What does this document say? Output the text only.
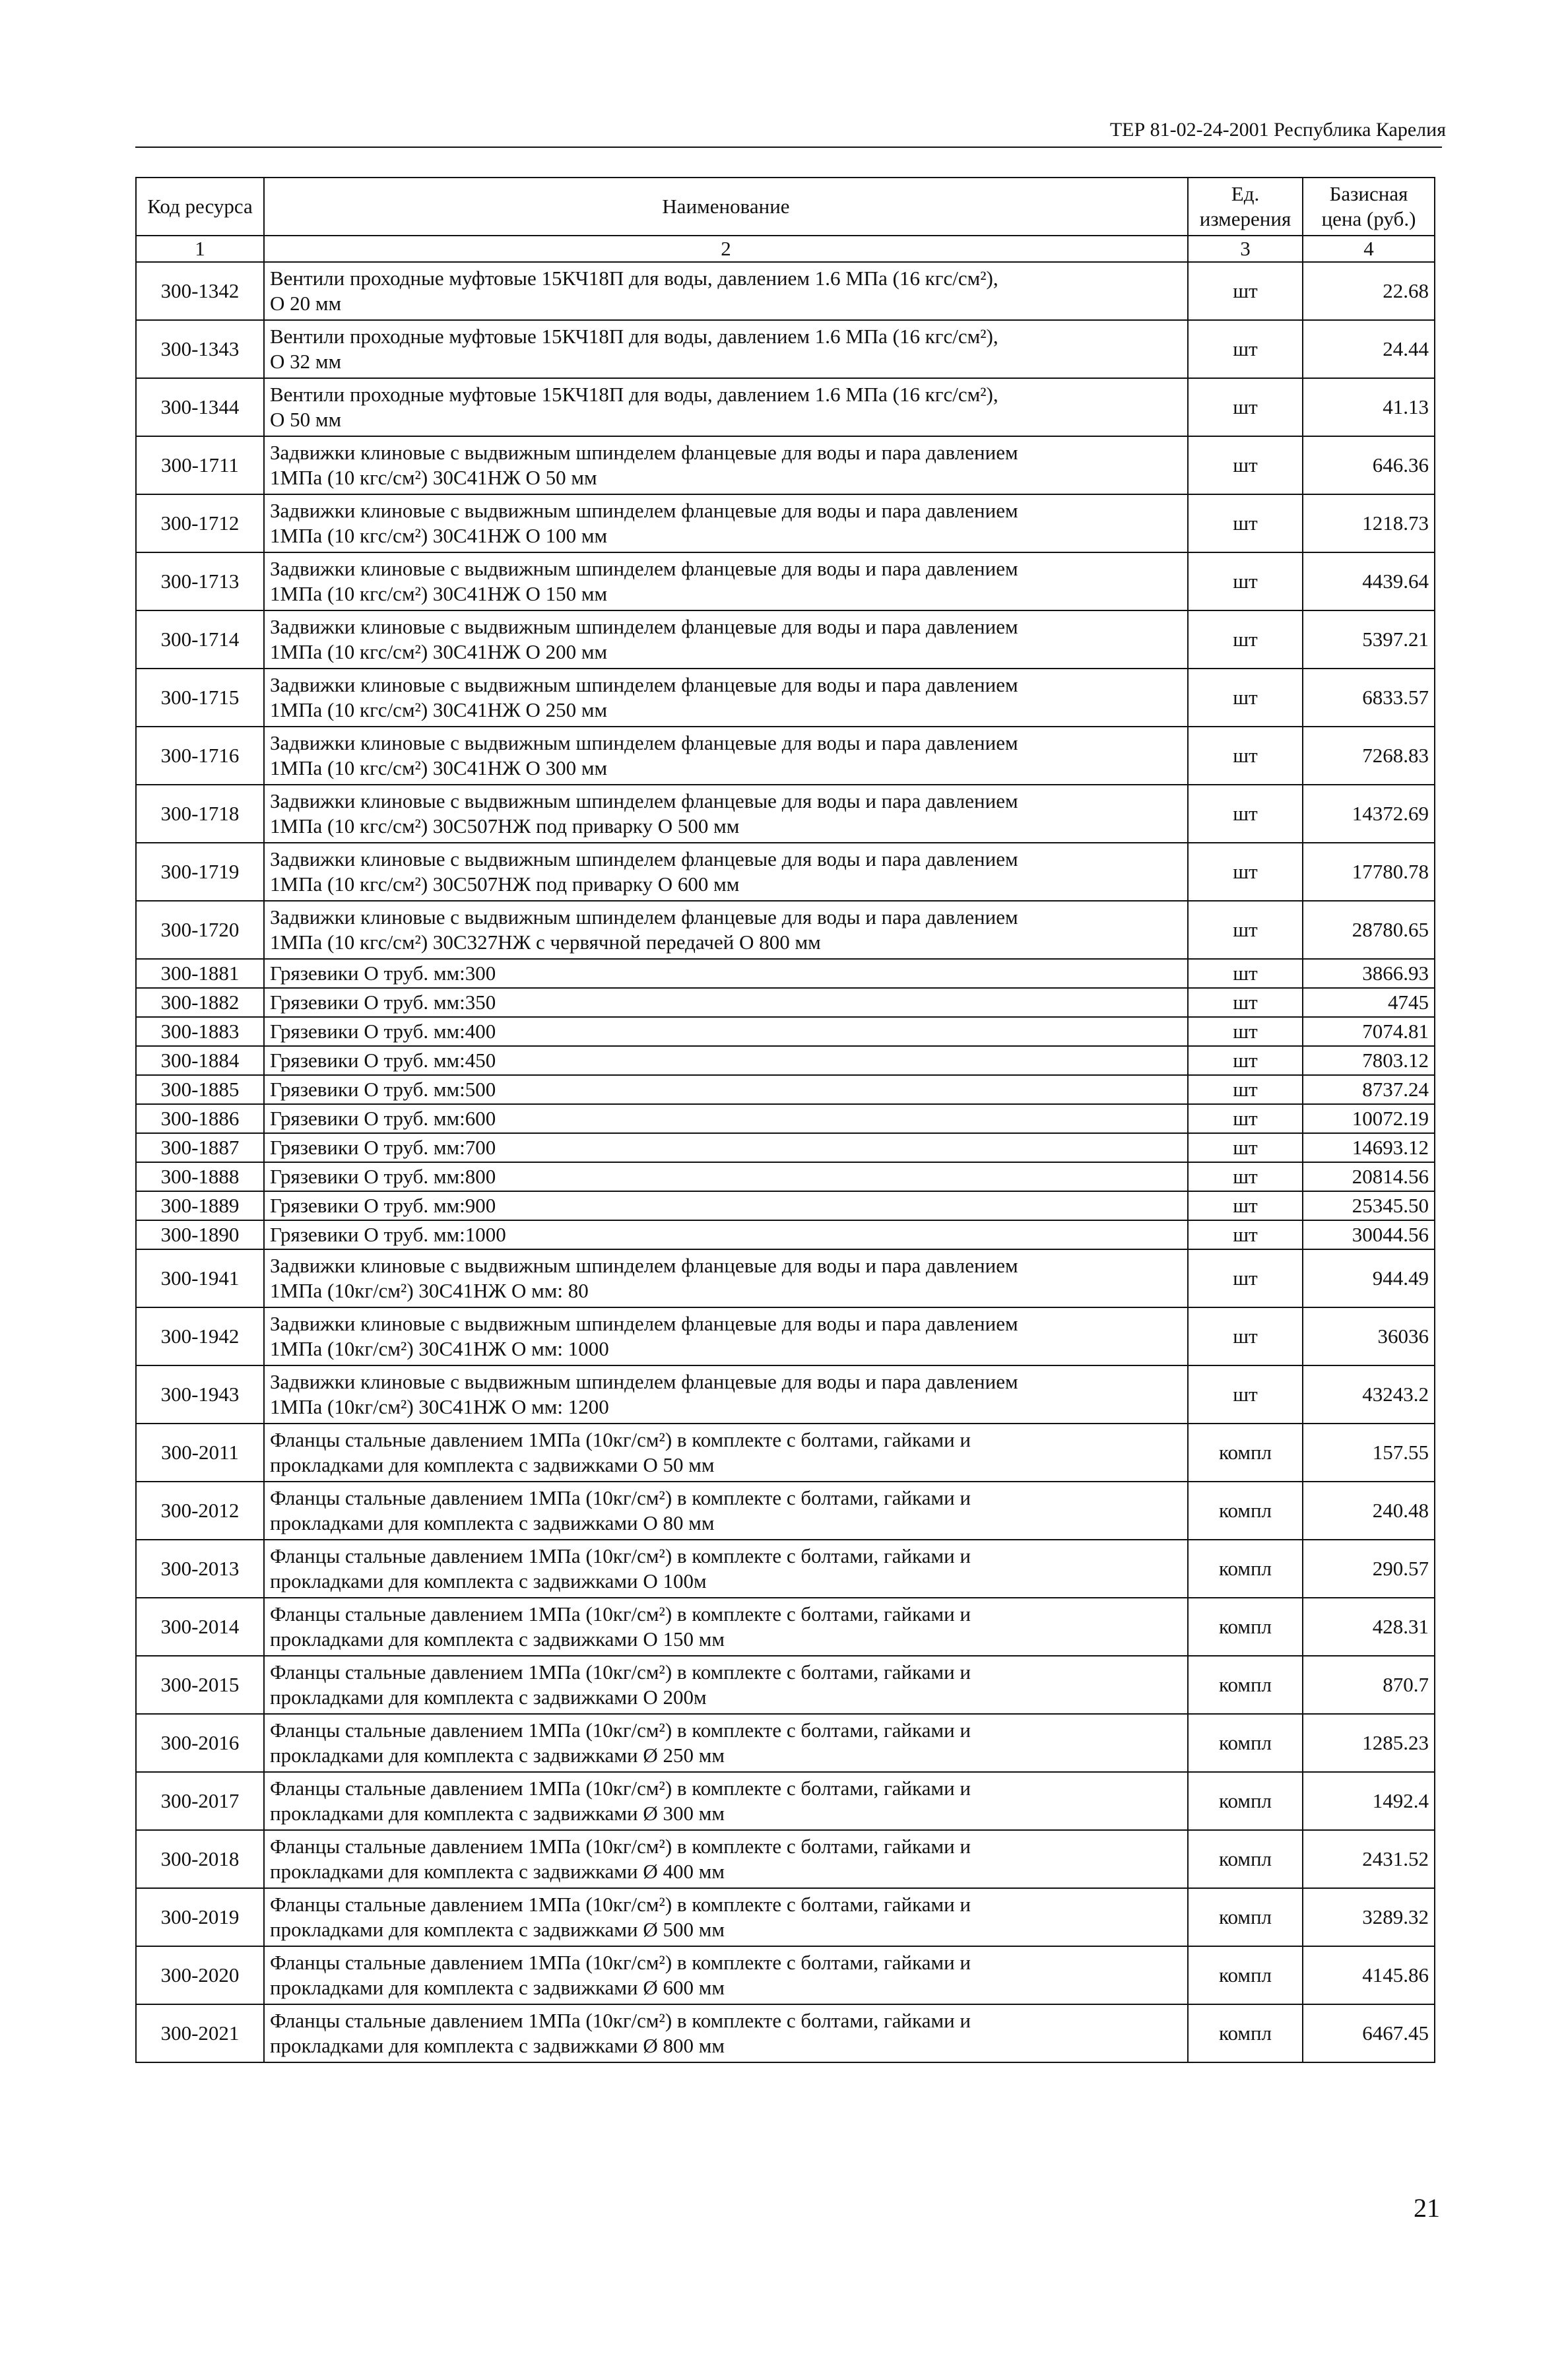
ТЕР 81-02-24-2001 Республика Карелия
Код ресурса	Наименование	Ед. измерения	Базисная цена (руб.)
1	2	3	4
300-1342	Вентили проходные муфтовые 15КЧ18П для воды, давлением 1.6 МПа (16 кгс/см²),
O 20 мм	шт	22.68
300-1343	Вентили проходные муфтовые 15КЧ18П для воды, давлением 1.6 МПа (16 кгс/см²),
O 32 мм	шт	24.44
300-1344	Вентили проходные муфтовые 15КЧ18П для воды, давлением 1.6 МПа (16 кгс/см²),
O 50 мм	шт	41.13
300-1711	Задвижки клиновые с выдвижным шпинделем фланцевые для воды и пара давлением
1МПа (10 кгс/см²) 30С41НЖ O 50 мм	шт	646.36
300-1712	Задвижки клиновые с выдвижным шпинделем фланцевые для воды и пара давлением
1МПа (10 кгс/см²) 30С41НЖ O 100 мм	шт	1218.73
300-1713	Задвижки клиновые с выдвижным шпинделем фланцевые для воды и пара давлением
1МПа (10 кгс/см²) 30С41НЖ O 150 мм	шт	4439.64
300-1714	Задвижки клиновые с выдвижным шпинделем фланцевые для воды и пара давлением
1МПа (10 кгс/см²) 30С41НЖ O 200 мм	шт	5397.21
300-1715	Задвижки клиновые с выдвижным шпинделем фланцевые для воды и пара давлением
1МПа (10 кгс/см²) 30С41НЖ O 250 мм	шт	6833.57
300-1716	Задвижки клиновые с выдвижным шпинделем фланцевые для воды и пара давлением
1МПа (10 кгс/см²) 30С41НЖ O 300 мм	шт	7268.83
300-1718	Задвижки клиновые с выдвижным шпинделем фланцевые для воды и пара давлением
1МПа (10 кгс/см²) 30С507НЖ под приварку O 500 мм	шт	14372.69
300-1719	Задвижки клиновые с выдвижным шпинделем фланцевые для воды и пара давлением
1МПа (10 кгс/см²) 30С507НЖ под приварку O 600 мм	шт	17780.78
300-1720	Задвижки клиновые с выдвижным шпинделем фланцевые для воды и пара давлением
1МПа (10 кгс/см²) 30С327НЖ с червячной передачей O 800 мм	шт	28780.65
300-1881	Грязевики O труб. мм:300	шт	3866.93
300-1882	Грязевики O труб. мм:350	шт	4745
300-1883	Грязевики O труб. мм:400	шт	7074.81
300-1884	Грязевики O труб. мм:450	шт	7803.12
300-1885	Грязевики O труб. мм:500	шт	8737.24
300-1886	Грязевики O труб. мм:600	шт	10072.19
300-1887	Грязевики O труб. мм:700	шт	14693.12
300-1888	Грязевики O труб. мм:800	шт	20814.56
300-1889	Грязевики O труб. мм:900	шт	25345.50
300-1890	Грязевики O труб. мм:1000	шт	30044.56
300-1941	Задвижки клиновые с выдвижным шпинделем фланцевые для воды и пара давлением
1МПа (10кг/см²) 30С41НЖ O мм: 80	шт	944.49
300-1942	Задвижки клиновые с выдвижным шпинделем фланцевые для воды и пара давлением
1МПа (10кг/см²) 30С41НЖ O мм: 1000	шт	36036
300-1943	Задвижки клиновые с выдвижным шпинделем фланцевые для воды и пара давлением
1МПа (10кг/см²) 30С41НЖ O мм: 1200	шт	43243.2
300-2011	Фланцы стальные давлением 1МПа (10кг/см²) в комплекте с болтами, гайками и
прокладками для комплекта с задвижками O 50 мм	компл	157.55
300-2012	Фланцы стальные давлением 1МПа (10кг/см²) в комплекте с болтами, гайками и
прокладками для комплекта с задвижками O 80 мм	компл	240.48
300-2013	Фланцы стальные давлением 1МПа (10кг/см²) в комплекте с болтами, гайками и
прокладками для комплекта с задвижками O 100м	компл	290.57
300-2014	Фланцы стальные давлением 1МПа (10кг/см²) в комплекте с болтами, гайками и
прокладками для комплекта с задвижками O 150 мм	компл	428.31
300-2015	Фланцы стальные давлением 1МПа (10кг/см²) в комплекте с болтами, гайками и
прокладками для комплекта с задвижками O 200м	компл	870.7
300-2016	Фланцы стальные давлением 1МПа (10кг/см²) в комплекте с болтами, гайками и
прокладками для комплекта с задвижками Ø 250 мм	компл	1285.23
300-2017	Фланцы стальные давлением 1МПа (10кг/см²) в комплекте с болтами, гайками и
прокладками для комплекта с задвижками Ø 300 мм	компл	1492.4
300-2018	Фланцы стальные давлением 1МПа (10кг/см²) в комплекте с болтами, гайками и
прокладками для комплекта с задвижками Ø 400 мм	компл	2431.52
300-2019	Фланцы стальные давлением 1МПа (10кг/см²) в комплекте с болтами, гайками и
прокладками для комплекта с задвижками Ø 500 мм	компл	3289.32
300-2020	Фланцы стальные давлением 1МПа (10кг/см²) в комплекте с болтами, гайками и
прокладками для комплекта с задвижками Ø 600 мм	компл	4145.86
300-2021	Фланцы стальные давлением 1МПа (10кг/см²) в комплекте с болтами, гайками и
прокладками для комплекта с задвижками Ø 800 мм	компл	6467.45
21
